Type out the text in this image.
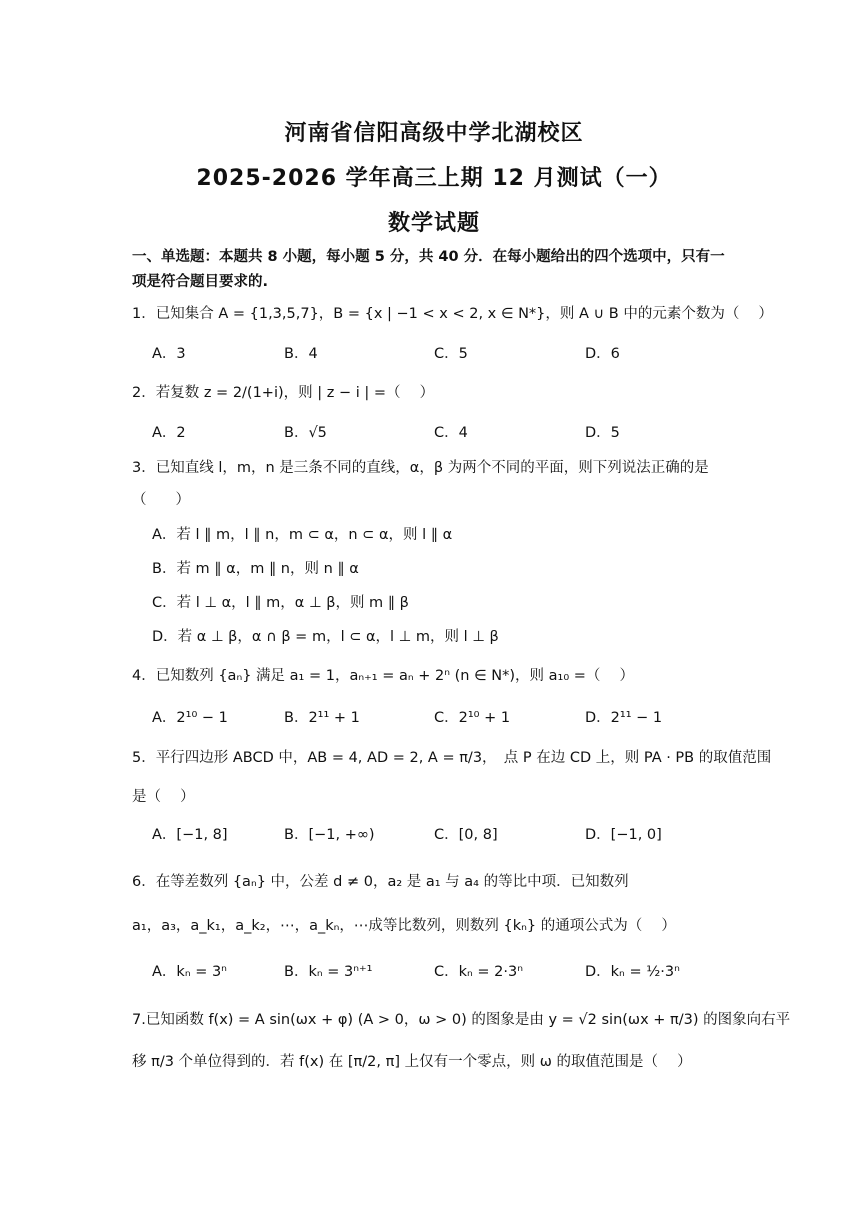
河南省信阳高级中学北湖校区
2025-2026 学年高三上期 12 月测试（一）
数学试题
一、单选题：本题共 8 小题，每小题 5 分，共 40 分．在每小题给出的四个选项中，只有一
项是符合题目要求的.
1．已知集合 A = {1,3,5,7}，B = {x | −1 < x < 2, x ∈ N*}，则 A ∪ B 中的元素个数为（　 ）
A．3	B．4	C．5	D．6
2．若复数 z = 2/(1+i)，则 | z − i | =（　 ）
A．2	B．√5	C．4	D．5
3．已知直线 l，m，n 是三条不同的直线，α，β 为两个不同的平面，则下列说法正确的是
（　　）
A．若 l ∥ m，l ∥ n，m ⊂ α，n ⊂ α，则 l ∥ α
B．若 m ∥ α，m ∥ n，则 n ∥ α
C．若 l ⊥ α，l ∥ m，α ⊥ β，则 m ∥ β
D．若 α ⊥ β，α ∩ β = m，l ⊂ α，l ⊥ m，则 l ⊥ β
4．已知数列 {aₙ} 满足 a₁ = 1，aₙ₊₁ = aₙ + 2ⁿ (n ∈ N*)，则 a₁₀ =（　 ）
A．2¹⁰ − 1	B．2¹¹ + 1	C．2¹⁰ + 1	D．2¹¹ − 1
5．平行四边形 ABCD 中，AB = 4, AD = 2, A = π/3，　点 P 在边 CD 上，则 PA · PB 的取值范围
是（　 ）
A．[−1, 8]	B．[−1, +∞)	C．[0, 8]	D．[−1, 0]
6．在等差数列 {aₙ} 中，公差 d ≠ 0，a₂ 是 a₁ 与 a₄ 的等比中项．已知数列
a₁，a₃，a_k₁，a_k₂，⋯，a_kₙ，⋯成等比数列，则数列 {kₙ} 的通项公式为（　 ）
A．kₙ = 3ⁿ	B．kₙ = 3ⁿ⁺¹	C．kₙ = 2·3ⁿ	D．kₙ = ½·3ⁿ
7.已知函数 f(x) = A sin(ωx + φ) (A > 0，ω > 0) 的图象是由 y = √2 sin(ωx + π/3) 的图象向右平
移 π/3 个单位得到的．若 f(x) 在 [π/2, π] 上仅有一个零点，则 ω 的取值范围是（　 ）
